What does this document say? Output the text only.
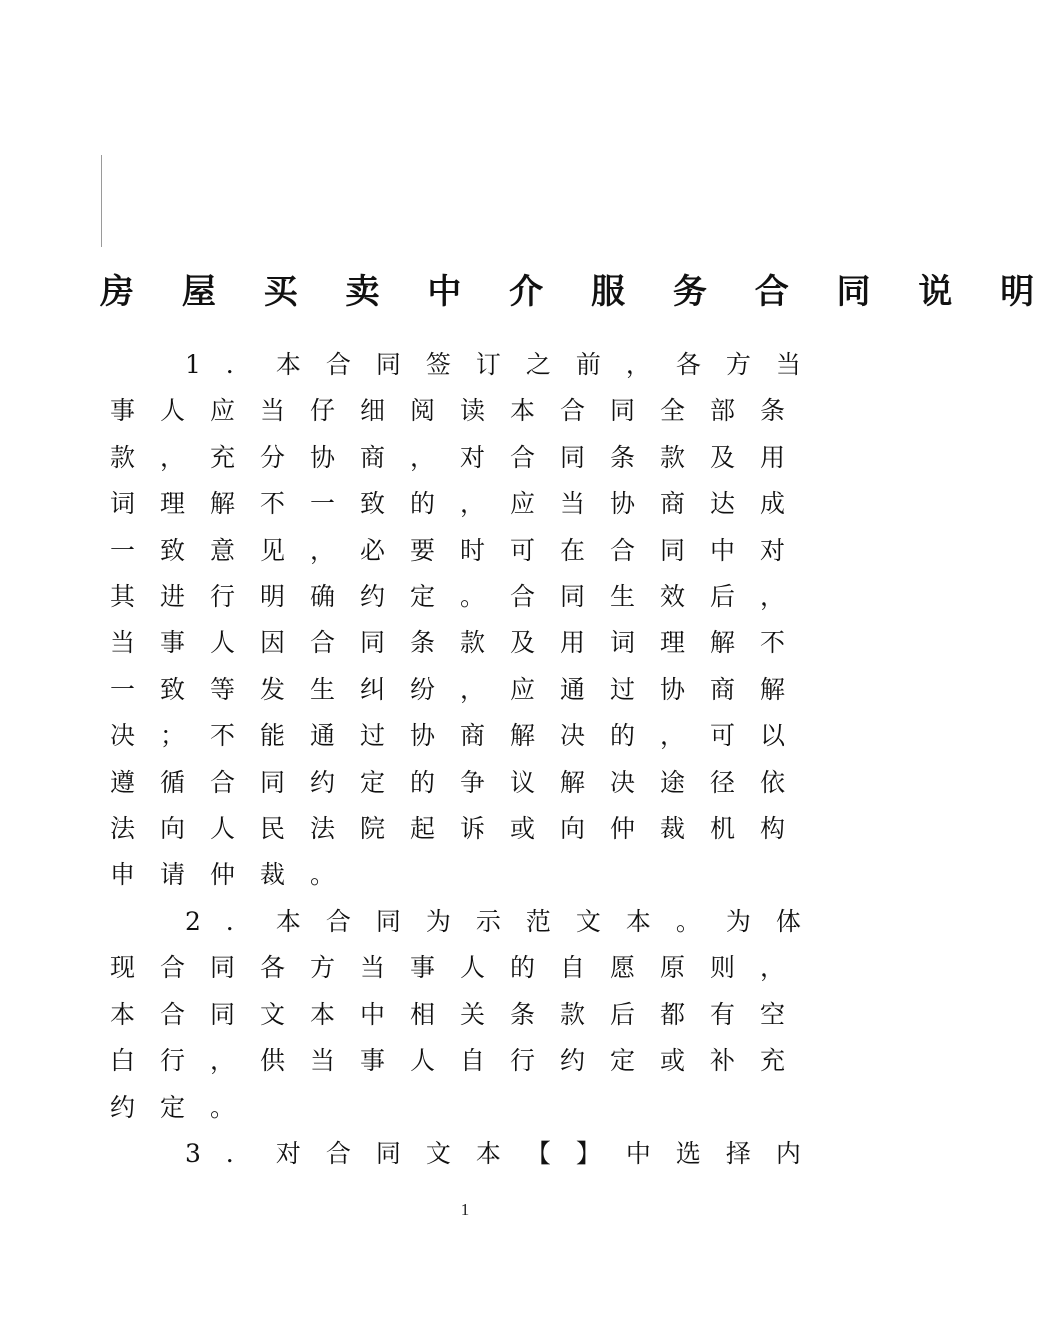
房 屋 买 卖 中 介 服 务 合 同 说 明

1．本合同签订之前，各方当事人应当仔细阅读本合同全部条款，充分协商，对合同条款及用词理解不一致的，应当协商达成一致意见，必要时可在合同中对其进行明确约定。合同生效后，当事人因合同条款及用词理解不一致等发生纠纷，应通过协商解决；不能通过协商解决的，可以遵循合同约定的争议解决途径依法向人民法院起诉或向仲裁机构申请仲裁。

2．本合同为示范文本。为体现合同各方当事人的自愿原则，本合同文本中相关条款后都有空白行，供当事人自行约定或补充约定。

3．对合同文本【】中选择内

1
